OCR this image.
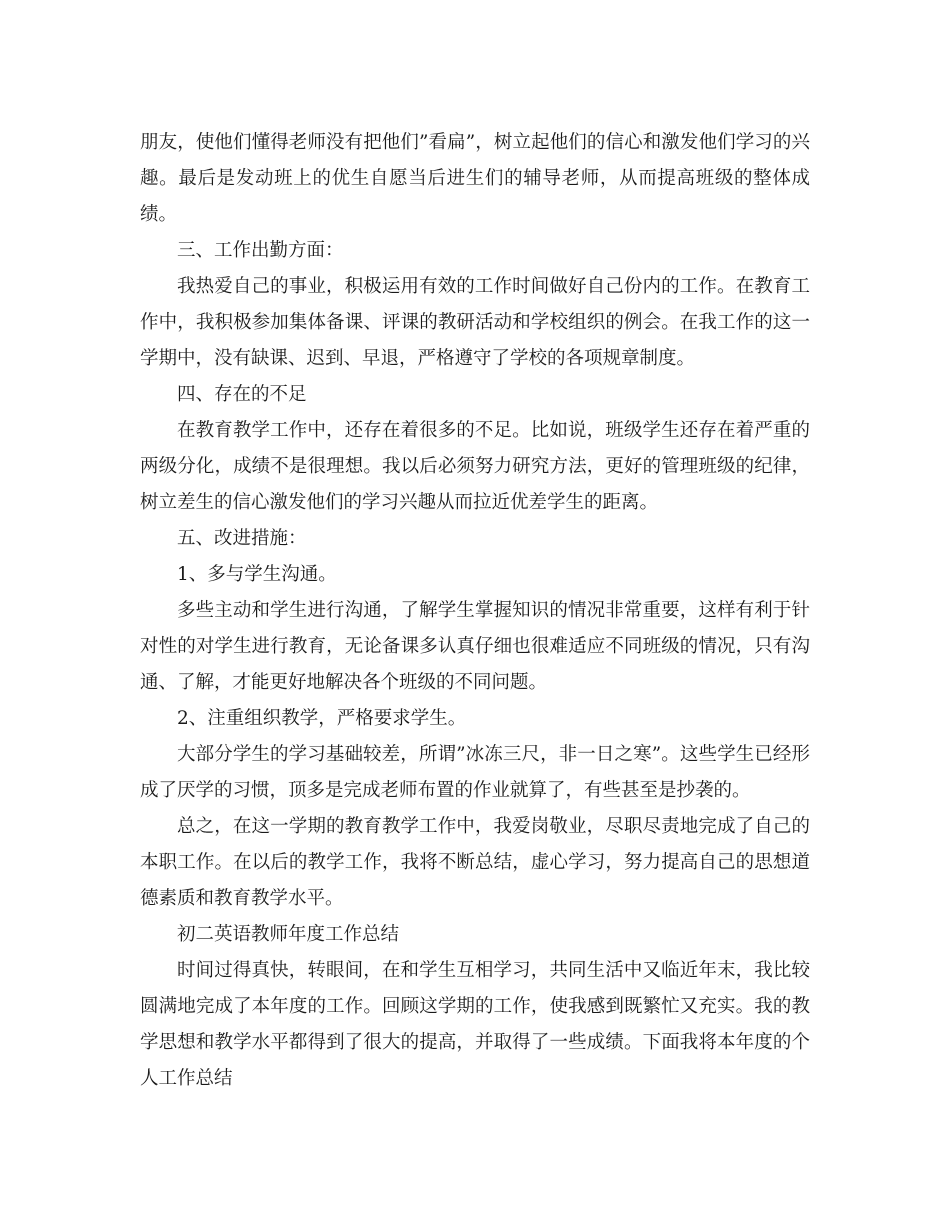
朋友，使他们懂得老师没有把他们”看扁”，树立起他们的信心和激发他们学习的兴趣。最后是发动班上的优生自愿当后进生们的辅导老师，从而提高班级的整体成绩。

三、工作出勤方面：

我热爱自己的事业，积极运用有效的工作时间做好自己份内的工作。在教育工作中，我积极参加集体备课、评课的教研活动和学校组织的例会。在我工作的这一学期中，没有缺课、迟到、早退，严格遵守了学校的各项规章制度。

四、存在的不足

在教育教学工作中，还存在着很多的不足。比如说，班级学生还存在着严重的两级分化，成绩不是很理想。我以后必须努力研究方法，更好的管理班级的纪律，树立差生的信心激发他们的学习兴趣从而拉近优差学生的距离。

五、改进措施：

1、多与学生沟通。

多些主动和学生进行沟通，了解学生掌握知识的情况非常重要，这样有利于针对性的对学生进行教育，无论备课多认真仔细也很难适应不同班级的情况，只有沟通、了解，才能更好地解决各个班级的不同问题。

2、注重组织教学，严格要求学生。

大部分学生的学习基础较差，所谓”冰冻三尺，非一日之寒”。这些学生已经形成了厌学的习惯，顶多是完成老师布置的作业就算了，有些甚至是抄袭的。

总之，在这一学期的教育教学工作中，我爱岗敬业，尽职尽责地完成了自己的本职工作。在以后的教学工作，我将不断总结，虚心学习，努力提高自己的思想道德素质和教育教学水平。

初二英语教师年度工作总结

时间过得真快，转眼间，在和学生互相学习，共同生活中又临近年末，我比较圆满地完成了本年度的工作。回顾这学期的工作，使我感到既繁忙又充实。我的教学思想和教学水平都得到了很大的提高，并取得了一些成绩。下面我将本年度的个人工作总结
